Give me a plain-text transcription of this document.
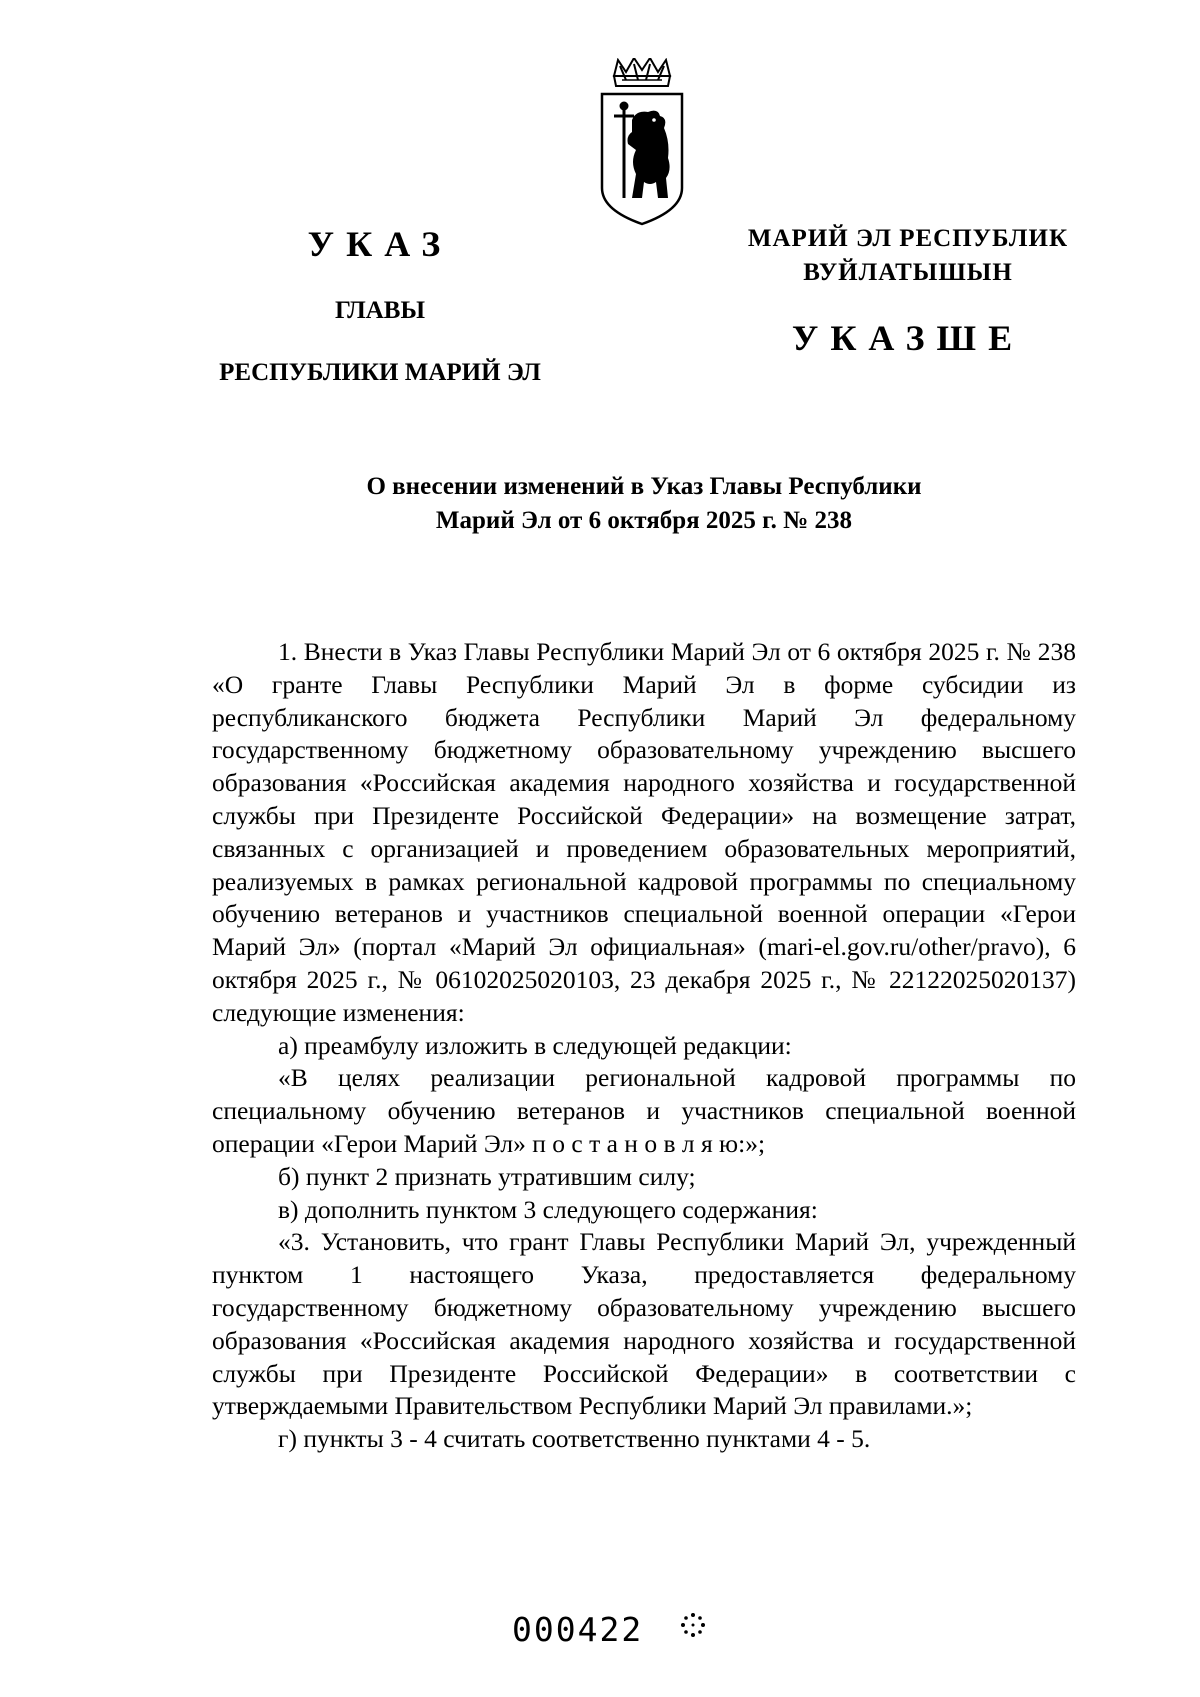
УКАЗ
ГЛАВЫ
РЕСПУБЛИКИ МАРИЙ ЭЛ
МАРИЙ ЭЛ РЕСПУБЛИК
ВУЙЛАТЫШЫН
УКАЗШЕ
О внесении изменений в Указ Главы Республики
Марий Эл от 6 октября 2025 г. № 238

1. Внести в Указ Главы Республики Марий Эл от 6 октября 2025 г. № 238 «О гранте Главы Республики Марий Эл в форме субсидии из республиканского бюджета Республики Марий Эл федеральному государственному бюджетному образовательному учреждению высшего образования «Российская академия народного хозяйства и государственной службы при Президенте Российской Федерации» на возмещение затрат, связанных с организацией и проведением образовательных мероприятий, реализуемых в рамках региональной кадровой программы по специальному обучению ветеранов и участников специальной военной операции «Герои Марий Эл» (портал «Марий Эл официальная» (mari-el.gov.ru/other/pravo), 6 октября 2025 г., № 06102025020103, 23 декабря 2025 г., № 22122025020137) следующие изменения:

а) преамбулу изложить в следующей редакции:

«В целях реализации региональной кадровой программы по специальному обучению ветеранов и участников специальной военной операции «Герои Марий Эл» п о с т а н о в л я ю:»;

б) пункт 2 признать утратившим силу;

в) дополнить пунктом 3 следующего содержания:

«3. Установить, что грант Главы Республики Марий Эл, учрежденный пунктом 1 настоящего Указа, предоставляется федеральному государственному бюджетному образовательному учреждению высшего образования «Российская академия народного хозяйства и государственной службы при Президенте Российской Федерации» в соответствии с утверждаемыми Правительством Республики Марий Эл правилами.»;

г) пункты 3 - 4 считать соответственно пунктами 4 - 5.

000422
